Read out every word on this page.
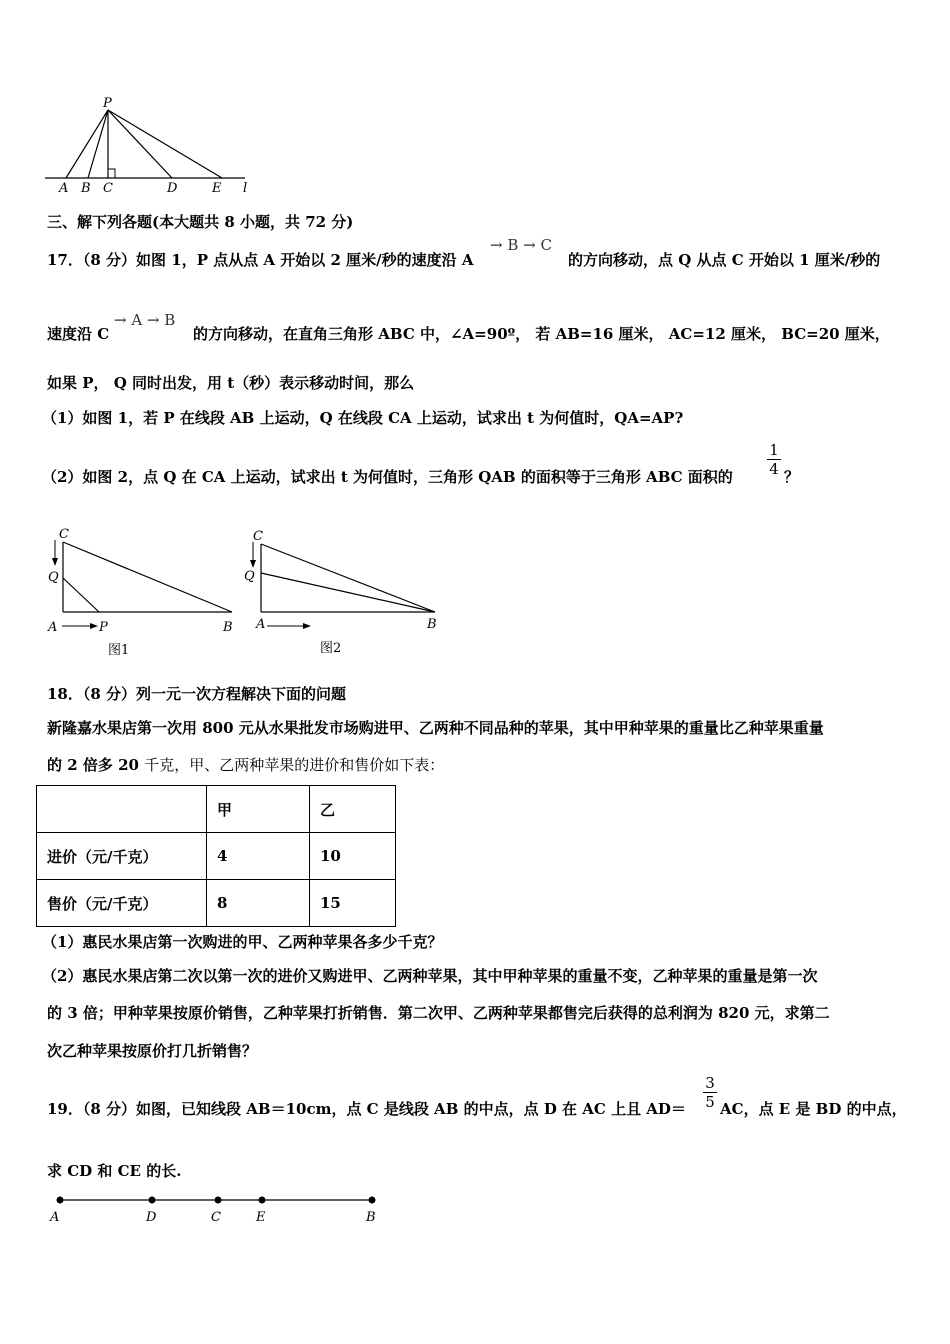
P
A B C	D	E l
三、解下列各题(本大题共 8 小题，共 72 分)
17．（8 分）如图 1，P 点从点 A 开始以 2 厘米/秒的速度沿 A
→ B → C
的方向移动，点 Q 从点 C 开始以 1 厘米/秒的
速度沿 C
→ A → B
的方向移动，在直角三角形 ABC 中，∠A=90º， 若 AB=16 厘米， AC=12 厘米， BC=20 厘米，
如果 P， Q 同时出发，用 t（秒）表示移动时间，那么
（1）如图 1，若 P 在线段 AB 上运动，Q 在线段 CA 上运动，试求出 t 为何值时，QA=AP?
（2）如图 2，点 Q 在 CA 上运动，试求出 t 为何值时，三角形 QAB 的面积等于三角形 ABC 面积的
1
4 ？
C
Q
A	P	B
图1
C
Q
A	B
图2
18．（8 分）列一元一次方程解决下面的问题
新隆嘉水果店第一次用 800 元从水果批发市场购进甲、乙两种不同品种的苹果，其中甲种苹果的重量比乙种苹果重量
的 2 倍多 20 千克，甲、乙两种苹果的进价和售价如下表：
	甲	乙
进价（元/千克）	4	10
售价（元/千克）	8	15
（1）惠民水果店第一次购进的甲、乙两种苹果各多少千克？
（2）惠民水果店第二次以第一次的进价又购进甲、乙两种苹果，其中甲种苹果的重量不变，乙种苹果的重量是第一次
的 3 倍；甲种苹果按原价销售，乙种苹果打折销售．第二次甲、乙两种苹果都售完后获得的总利润为 820 元，求第二
次乙种苹果按原价打几折销售？
19．（8 分）如图，已知线段 AB＝10cm，点 C 是线段 AB 的中点，点 D 在 AC 上且 AD＝
3
5 AC，点 E 是 BD 的中点，
求 CD 和 CE 的长.
A	D	C	E	B
